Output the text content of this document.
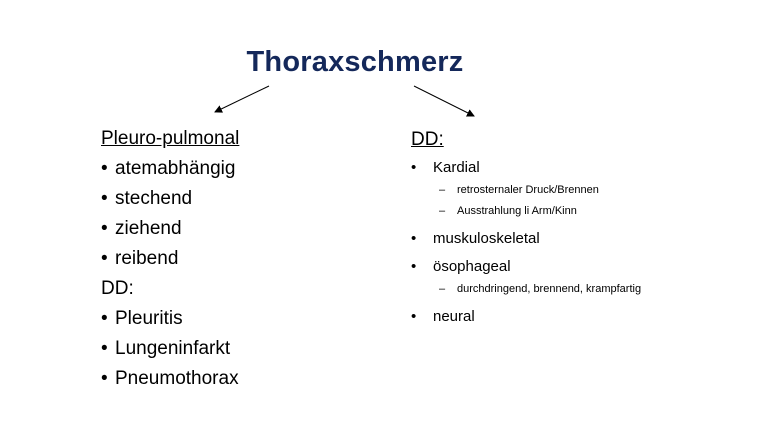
Thoraxschmerz
Pleuro-pulmonal
• atemabhängig
• stechend
• ziehend
• reibend
DD:
• Pleuritis
• Lungeninfarkt
• Pneumothorax
DD:
• Kardial
– retrosternaler Druck/Brennen
– Ausstrahlung li Arm/Kinn
• muskuloskeletal
• ösophageal
– durchdringend, brennend, krampfartig
• neural
